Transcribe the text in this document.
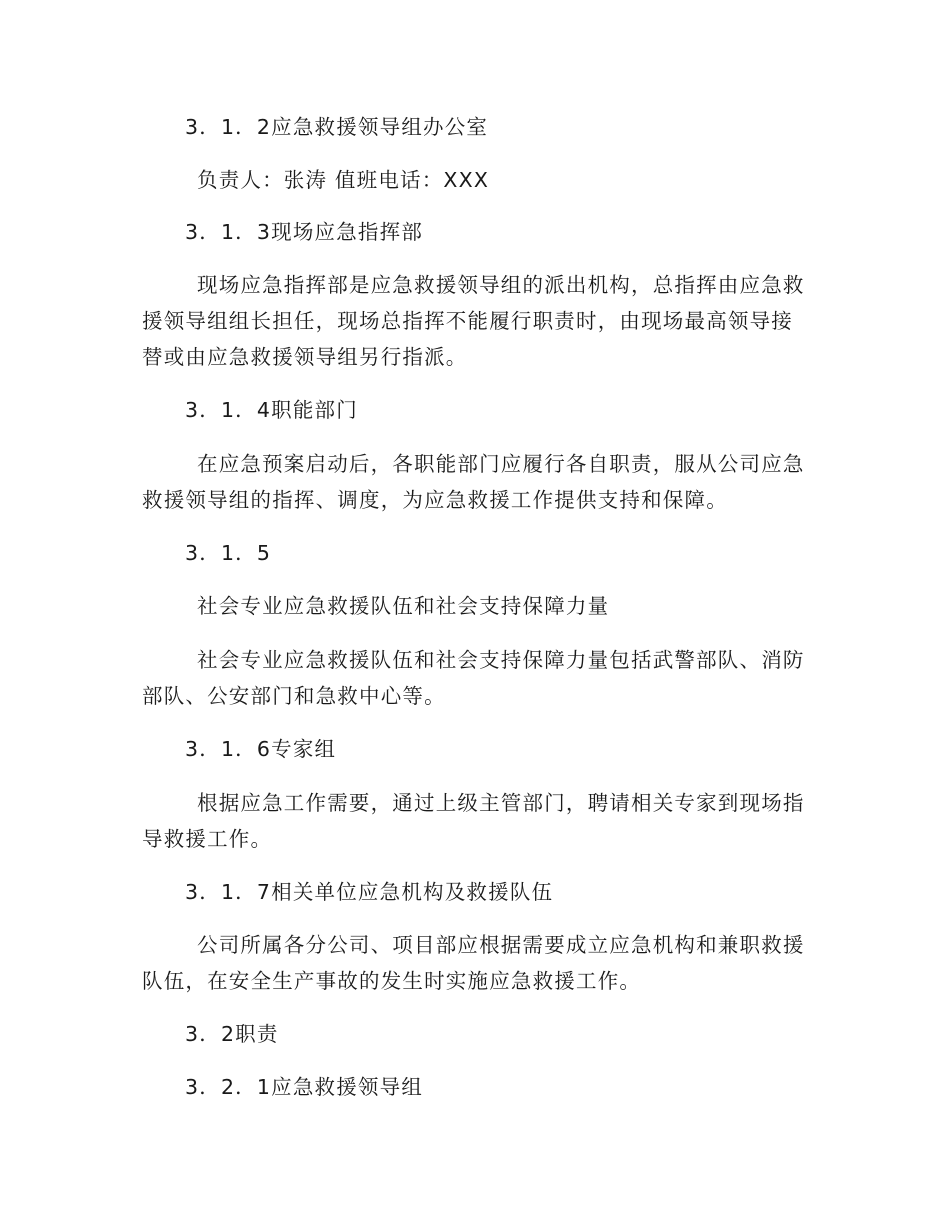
3．1．2应急救援领导组办公室
负责人：张涛 值班电话：XXX
3．1．3现场应急指挥部
现场应急指挥部是应急救援领导组的派出机构，总指挥由应急救
援领导组组长担任，现场总指挥不能履行职责时，由现场最高领导接
替或由应急救援领导组另行指派。
3．1．4职能部门
在应急预案启动后，各职能部门应履行各自职责，服从公司应急
救援领导组的指挥、调度，为应急救援工作提供支持和保障。
3．1．5
社会专业应急救援队伍和社会支持保障力量
社会专业应急救援队伍和社会支持保障力量包括武警部队、消防
部队、公安部门和急救中心等。
3．1．6专家组
根据应急工作需要，通过上级主管部门，聘请相关专家到现场指
导救援工作。
3．1．7相关单位应急机构及救援队伍
公司所属各分公司、项目部应根据需要成立应急机构和兼职救援
队伍，在安全生产事故的发生时实施应急救援工作。
3．2职责
3．2．1应急救援领导组
